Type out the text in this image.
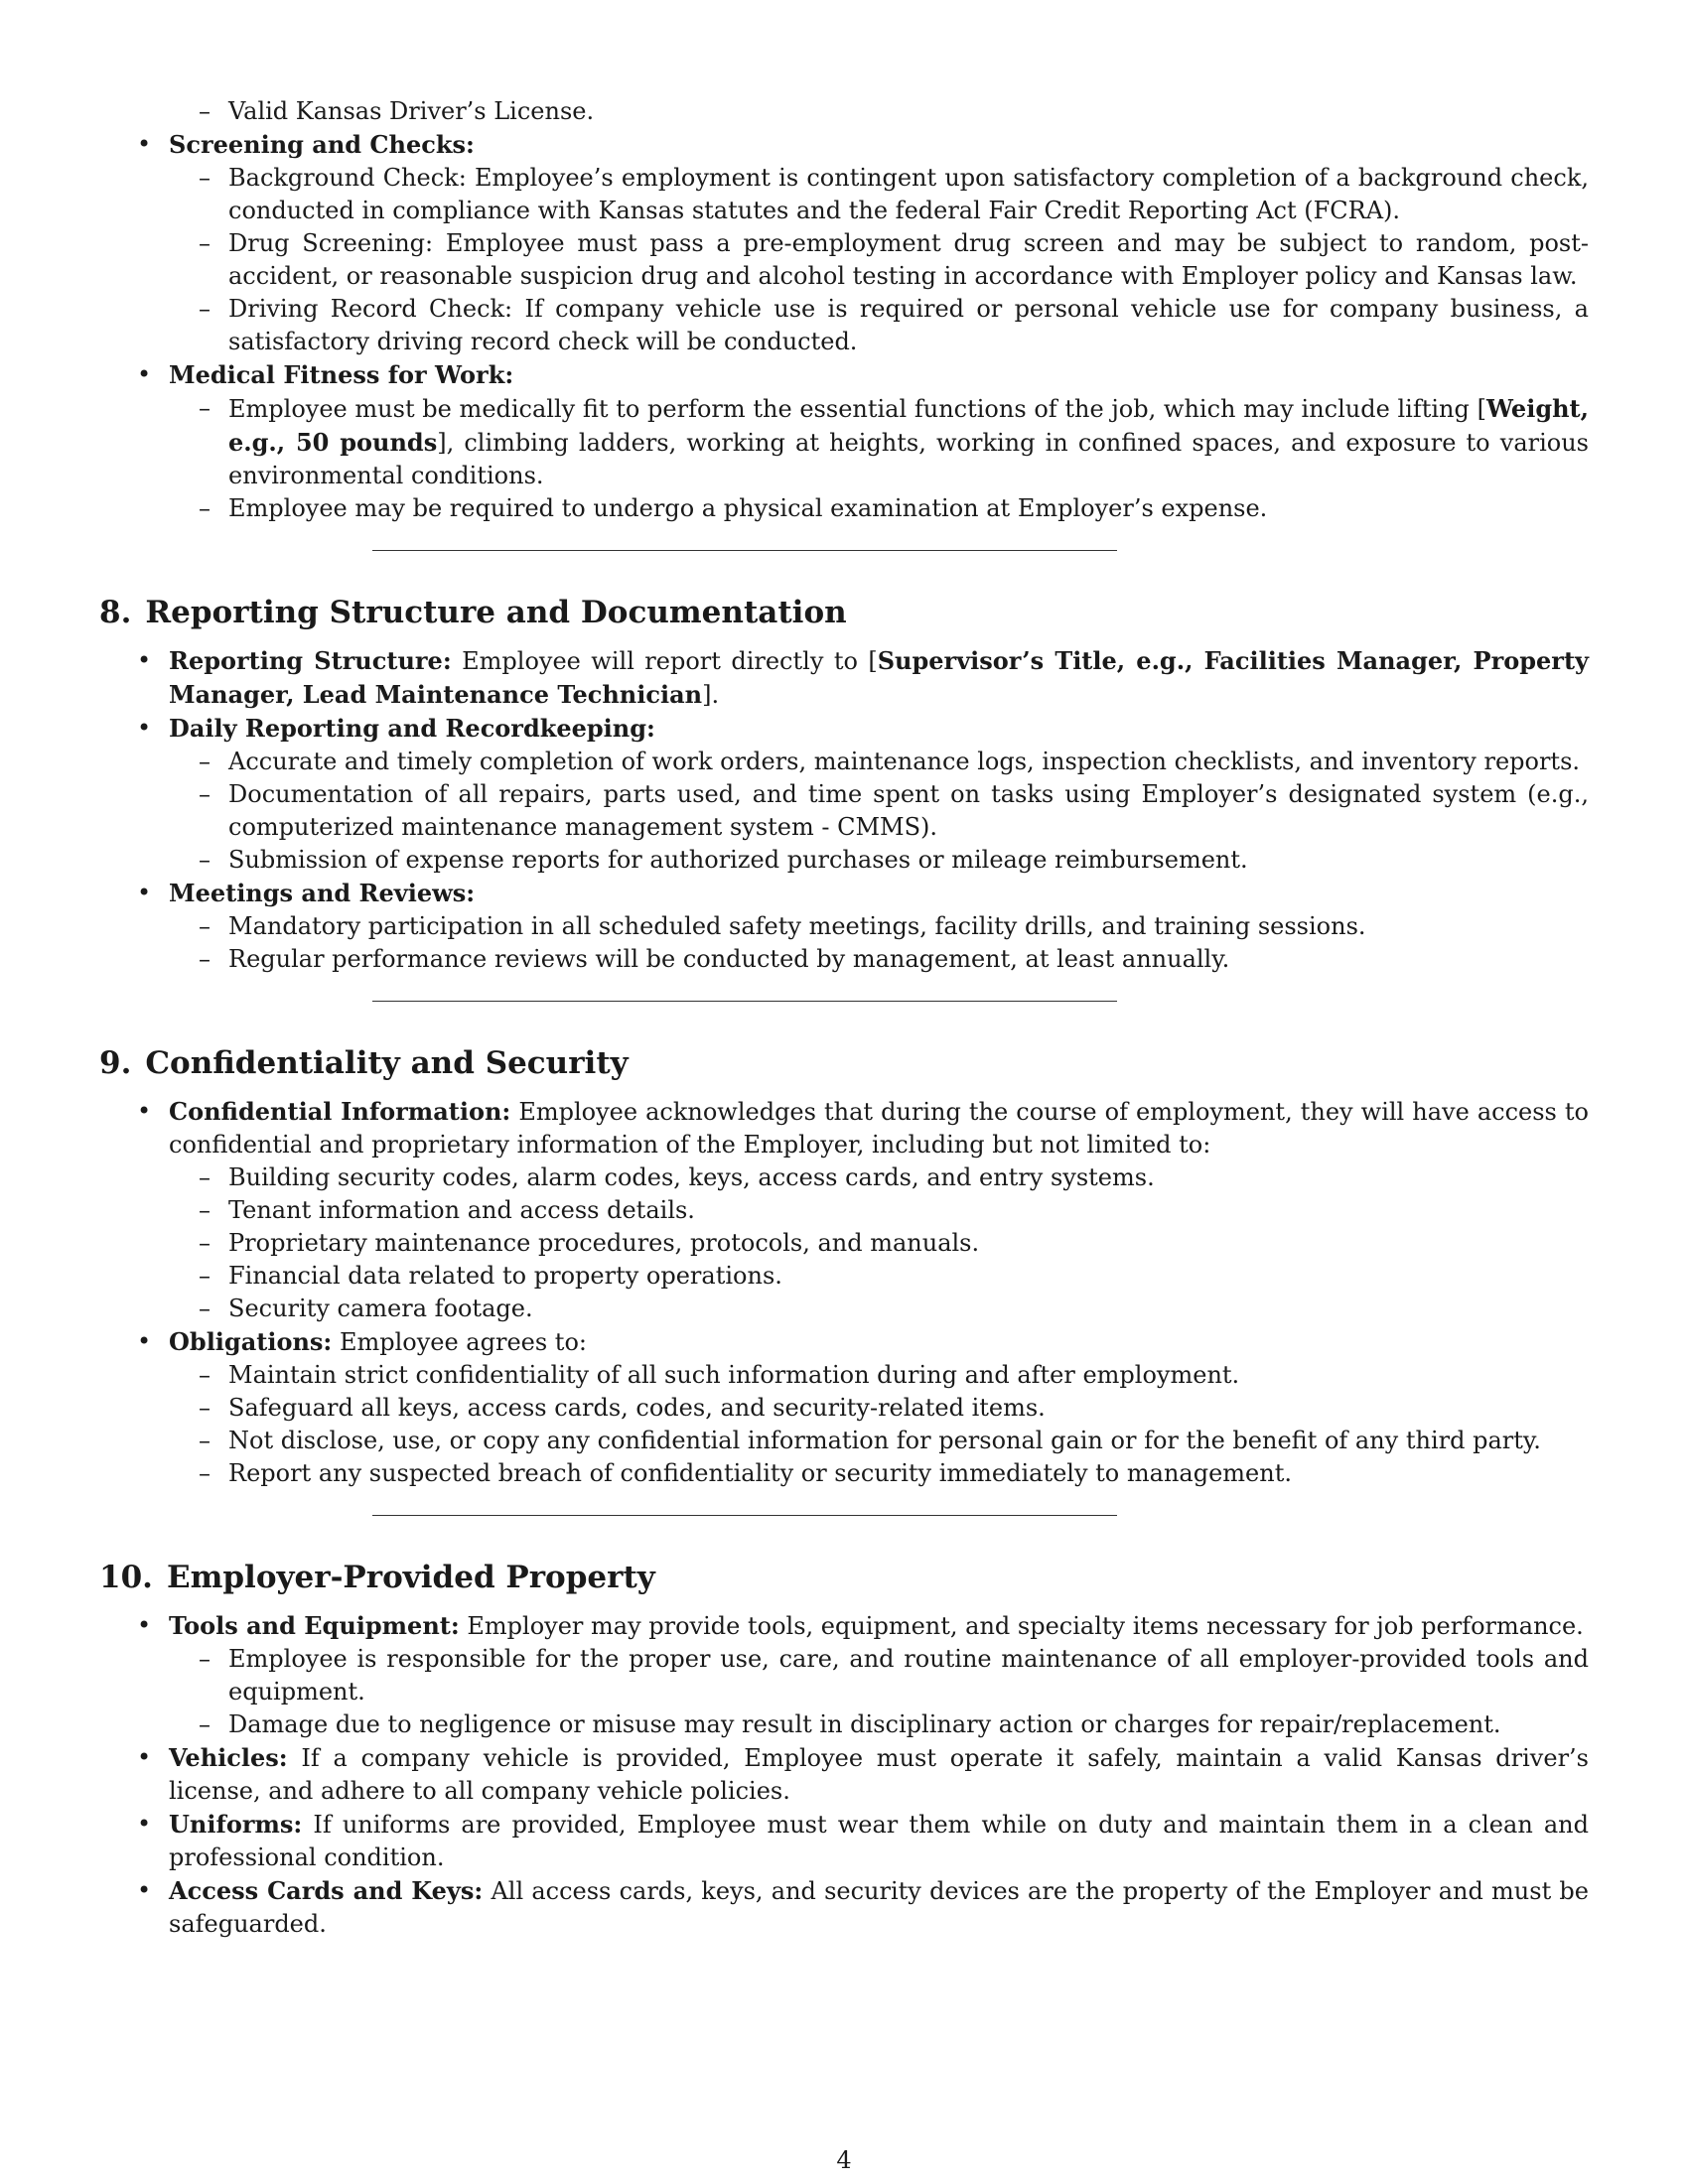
– Valid Kansas Driver’s License.
• Screening and Checks:
– Background Check: Employee’s employment is contingent upon satisfactory completion of a background check, conducted in compliance with Kansas statutes and the federal Fair Credit Reporting Act (FCRA).
– Drug Screening: Employee must pass a pre-employment drug screen and may be subject to random, post-accident, or reasonable suspicion drug and alcohol testing in accordance with Employer policy and Kansas law.
– Driving Record Check: If company vehicle use is required or personal vehicle use for company business, a satisfactory driving record check will be conducted.
• Medical Fitness for Work:
– Employee must be medically fit to perform the essential functions of the job, which may include lifting [Weight, e.g., 50 pounds], climbing ladders, working at heights, working in confined spaces, and exposure to various environmental conditions.
– Employee may be required to undergo a physical examination at Employer’s expense.
8. Reporting Structure and Documentation
• Reporting Structure: Employee will report directly to [Supervisor’s Title, e.g., Facilities Manager, Property Manager, Lead Maintenance Technician].
• Daily Reporting and Recordkeeping:
– Accurate and timely completion of work orders, maintenance logs, inspection checklists, and inventory reports.
– Documentation of all repairs, parts used, and time spent on tasks using Employer’s designated system (e.g., computerized maintenance management system - CMMS).
– Submission of expense reports for authorized purchases or mileage reimbursement.
• Meetings and Reviews:
– Mandatory participation in all scheduled safety meetings, facility drills, and training sessions.
– Regular performance reviews will be conducted by management, at least annually.
9. Confidentiality and Security
• Confidential Information: Employee acknowledges that during the course of employment, they will have access to confidential and proprietary information of the Employer, including but not limited to:
– Building security codes, alarm codes, keys, access cards, and entry systems.
– Tenant information and access details.
– Proprietary maintenance procedures, protocols, and manuals.
– Financial data related to property operations.
– Security camera footage.
• Obligations: Employee agrees to:
– Maintain strict confidentiality of all such information during and after employment.
– Safeguard all keys, access cards, codes, and security-related items.
– Not disclose, use, or copy any confidential information for personal gain or for the benefit of any third party.
– Report any suspected breach of confidentiality or security immediately to management.
10. Employer-Provided Property
• Tools and Equipment: Employer may provide tools, equipment, and specialty items necessary for job performance.
– Employee is responsible for the proper use, care, and routine maintenance of all employer-provided tools and equipment.
– Damage due to negligence or misuse may result in disciplinary action or charges for repair/replacement.
• Vehicles: If a company vehicle is provided, Employee must operate it safely, maintain a valid Kansas driver’s license, and adhere to all company vehicle policies.
• Uniforms: If uniforms are provided, Employee must wear them while on duty and maintain them in a clean and professional condition.
• Access Cards and Keys: All access cards, keys, and security devices are the property of the Employer and must be safeguarded.
4
